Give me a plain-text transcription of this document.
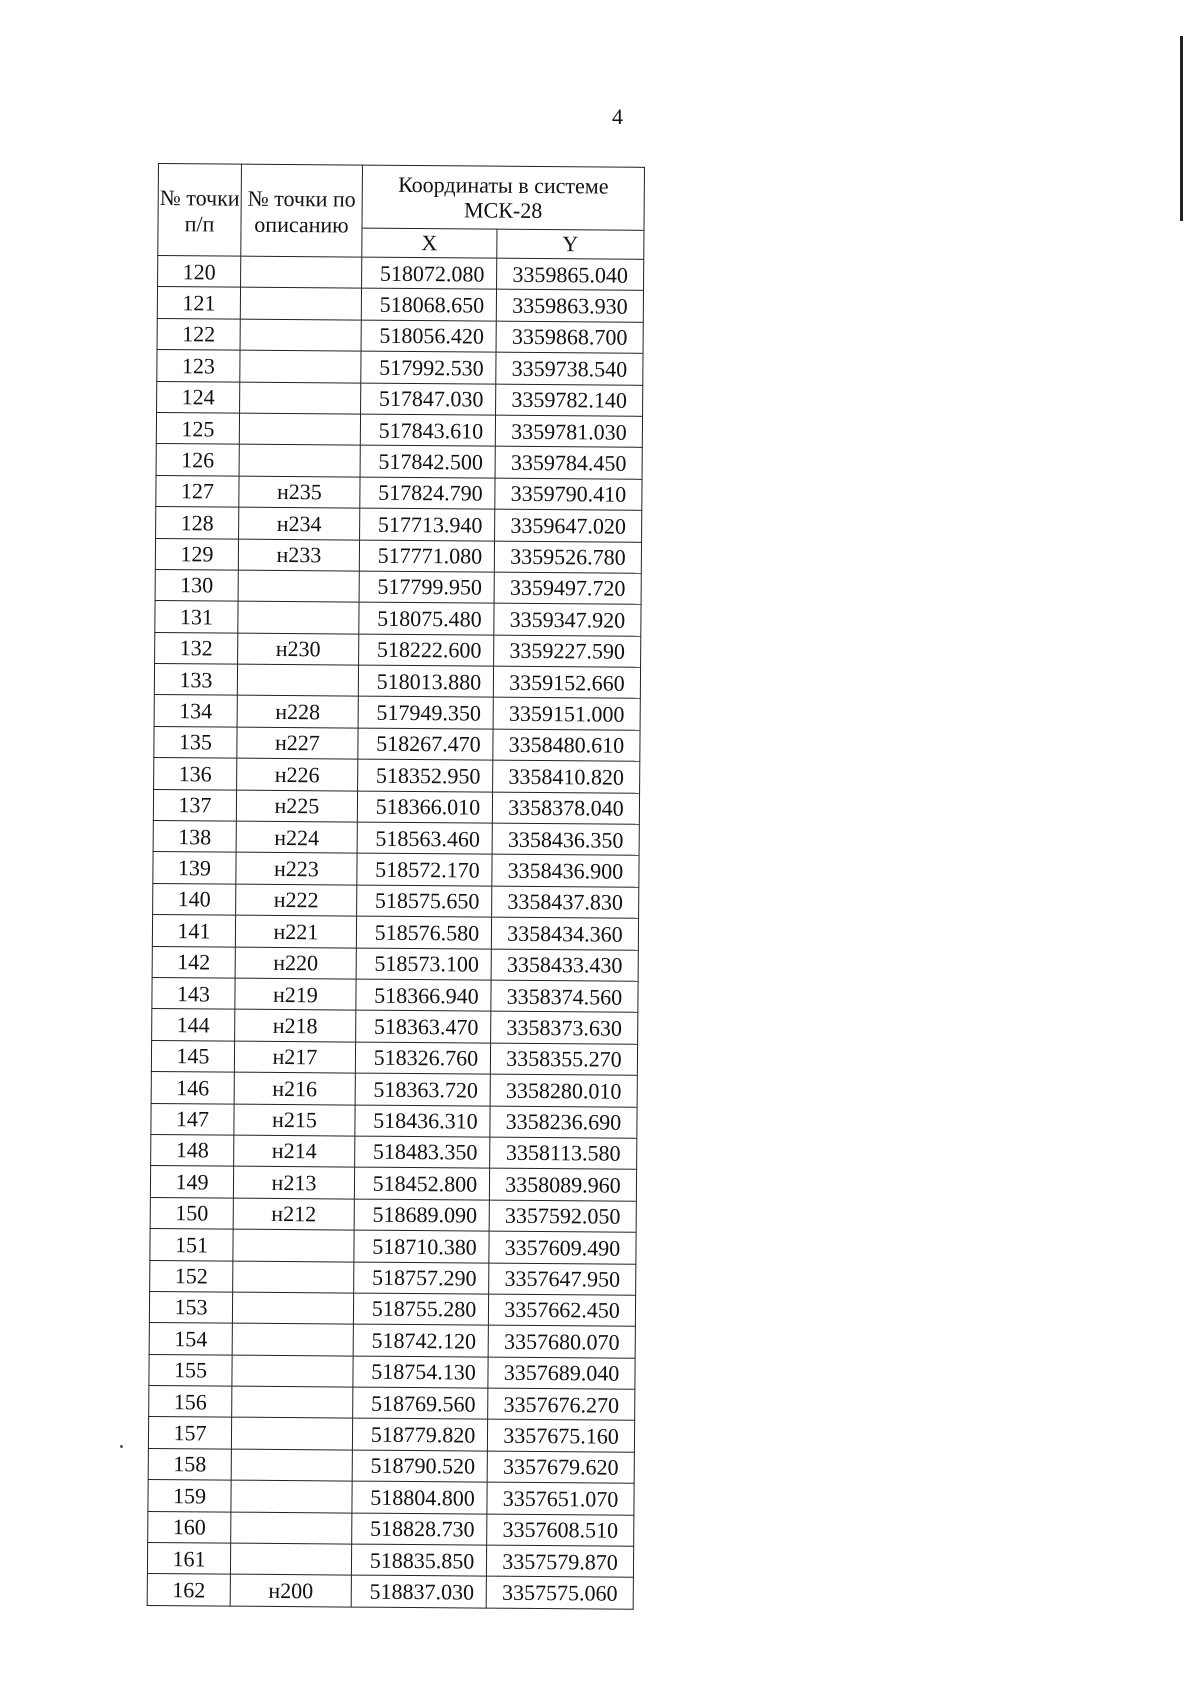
4
№ точки п/п	№ точки по описанию	Координаты в системе МСК-28	
		X	Y
120		518072.080	3359865.040
121		518068.650	3359863.930
122		518056.420	3359868.700
123		517992.530	3359738.540
124		517847.030	3359782.140
125		517843.610	3359781.030
126		517842.500	3359784.450
127	н235	517824.790	3359790.410
128	н234	517713.940	3359647.020
129	н233	517771.080	3359526.780
130		517799.950	3359497.720
131		518075.480	3359347.920
132	н230	518222.600	3359227.590
133		518013.880	3359152.660
134	н228	517949.350	3359151.000
135	н227	518267.470	3358480.610
136	н226	518352.950	3358410.820
137	н225	518366.010	3358378.040
138	н224	518563.460	3358436.350
139	н223	518572.170	3358436.900
140	н222	518575.650	3358437.830
141	н221	518576.580	3358434.360
142	н220	518573.100	3358433.430
143	н219	518366.940	3358374.560
144	н218	518363.470	3358373.630
145	н217	518326.760	3358355.270
146	н216	518363.720	3358280.010
147	н215	518436.310	3358236.690
148	н214	518483.350	3358113.580
149	н213	518452.800	3358089.960
150	н212	518689.090	3357592.050
151		518710.380	3357609.490
152		518757.290	3357647.950
153		518755.280	3357662.450
154		518742.120	3357680.070
155		518754.130	3357689.040
156		518769.560	3357676.270
157		518779.820	3357675.160
158		518790.520	3357679.620
159		518804.800	3357651.070
160		518828.730	3357608.510
161		518835.850	3357579.870
162	н200	518837.030	3357575.060
